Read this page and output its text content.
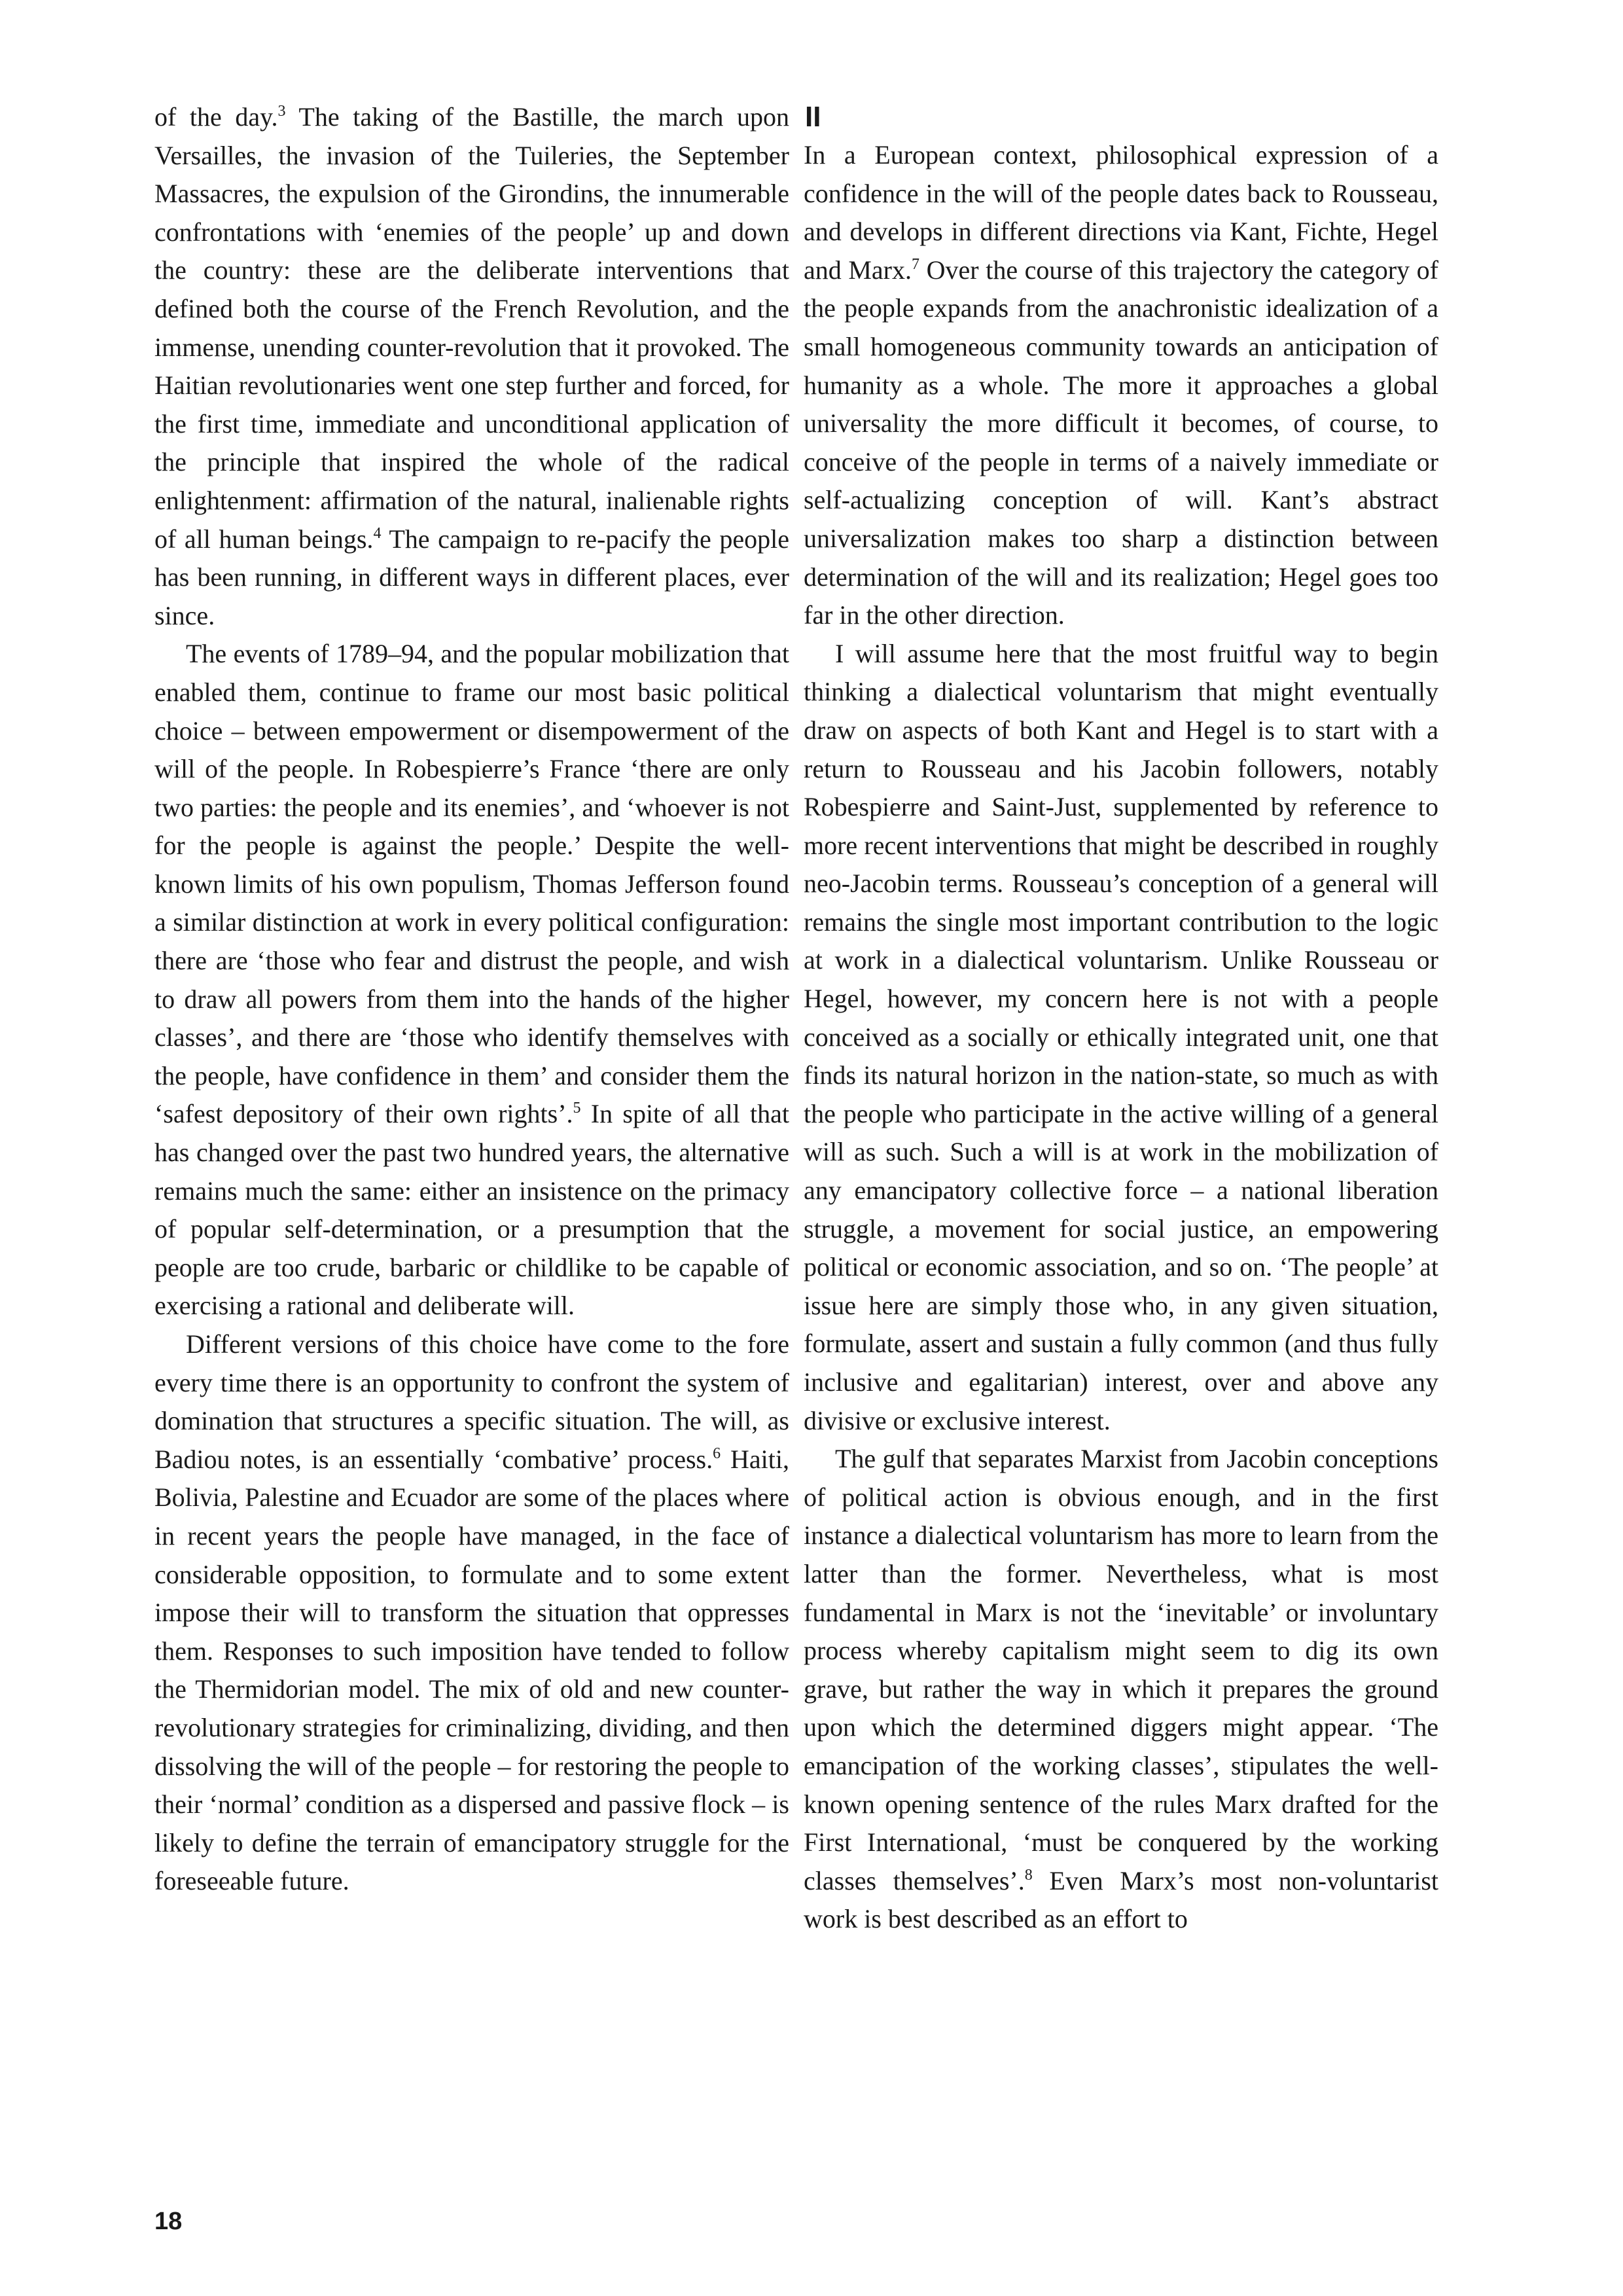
of the day.$^3$ The taking of the Bastille, the march upon Versailles, the invasion of the Tuileries, the September Massacres, the expulsion of the Girondins, the innumerable confrontations with ‘enemies of the people’ up and down the country: these are the deliberate interventions that defined both the course of the French Revolution, and the immense, unending counter-revolution that it provoked. The Haitian revolutionaries went one step further and forced, for the first time, immediate and unconditional application of the principle that inspired the whole of the radical enlightenment: affirmation of the natural, inalienable rights of all human beings.$^4$ The campaign to re-pacify the people has been running, in different ways in different places, ever since.

The events of 1789–94, and the popular mobilization that enabled them, continue to frame our most basic political choice – between empowerment or disempowerment of the will of the people. In Robespierre’s France ‘there are only two parties: the people and its enemies’, and ‘whoever is not for the people is against the people.’ Despite the well-known limits of his own populism, Thomas Jefferson found a similar distinction at work in every political configuration: there are ‘those who fear and distrust the people, and wish to draw all powers from them into the hands of the higher classes’, and there are ‘those who identify themselves with the people, have confidence in them’ and consider them the ‘safest depository of their own rights’.$^5$ In spite of all that has changed over the past two hundred years, the alternative remains much the same: either an insistence on the primacy of popular self-determination, or a presumption that the people are too crude, barbaric or childlike to be capable of exercising a rational and deliberate will.

Different versions of this choice have come to the fore every time there is an opportunity to confront the system of domination that structures a specific situation. The will, as Badiou notes, is an essentially ‘combative’ process.$^6$ Haiti, Bolivia, Palestine and Ecuador are some of the places where in recent years the people have managed, in the face of considerable opposition, to formulate and to some extent impose their will to transform the situation that oppresses them. Responses to such imposition have tended to follow the Thermidorian model. The mix of old and new counter-revolutionary strategies for criminalizing, dividing, and then dissolving the will of the people – for restoring the people to their ‘normal’ condition as a dispersed and passive flock – is likely to define the terrain of emancipatory struggle for the foreseeable future.

II

In a European context, philosophical expression of a confidence in the will of the people dates back to Rousseau, and develops in different directions via Kant, Fichte, Hegel and Marx.$^7$ Over the course of this trajectory the category of the people expands from the anachronistic idealization of a small homogeneous community towards an anticipation of humanity as a whole. The more it approaches a global universality the more difficult it becomes, of course, to conceive of the people in terms of a naively immediate or self-actualizing conception of will. Kant’s abstract universalization makes too sharp a distinction between determination of the will and its realization; Hegel goes too far in the other direction.

I will assume here that the most fruitful way to begin thinking a dialectical voluntarism that might eventually draw on aspects of both Kant and Hegel is to start with a return to Rousseau and his Jacobin followers, notably Robespierre and Saint-Just, supplemented by reference to more recent interventions that might be described in roughly neo-Jacobin terms. Rousseau’s conception of a general will remains the single most important contribution to the logic at work in a dialectical voluntarism. Unlike Rousseau or Hegel, however, my concern here is not with a people conceived as a socially or ethically integrated unit, one that finds its natural horizon in the nation-state, so much as with the people who participate in the active willing of a general will as such. Such a will is at work in the mobilization of any emancipatory collective force – a national liberation struggle, a movement for social justice, an empowering political or economic association, and so on. ‘The people’ at issue here are simply those who, in any given situation, formulate, assert and sustain a fully common (and thus fully inclusive and egalitarian) interest, over and above any divisive or exclusive interest.

The gulf that separates Marxist from Jacobin conceptions of political action is obvious enough, and in the first instance a dialectical voluntarism has more to learn from the latter than the former. Nevertheless, what is most fundamental in Marx is not the ‘inevitable’ or involuntary process whereby capitalism might seem to dig its own grave, but rather the way in which it prepares the ground upon which the determined diggers might appear. ‘The emancipation of the working classes’, stipulates the well-known opening sentence of the rules Marx drafted for the First International, ‘must be conquered by the working classes themselves’.$^8$ Even Marx’s most non-voluntarist work is best described as an effort to

18
